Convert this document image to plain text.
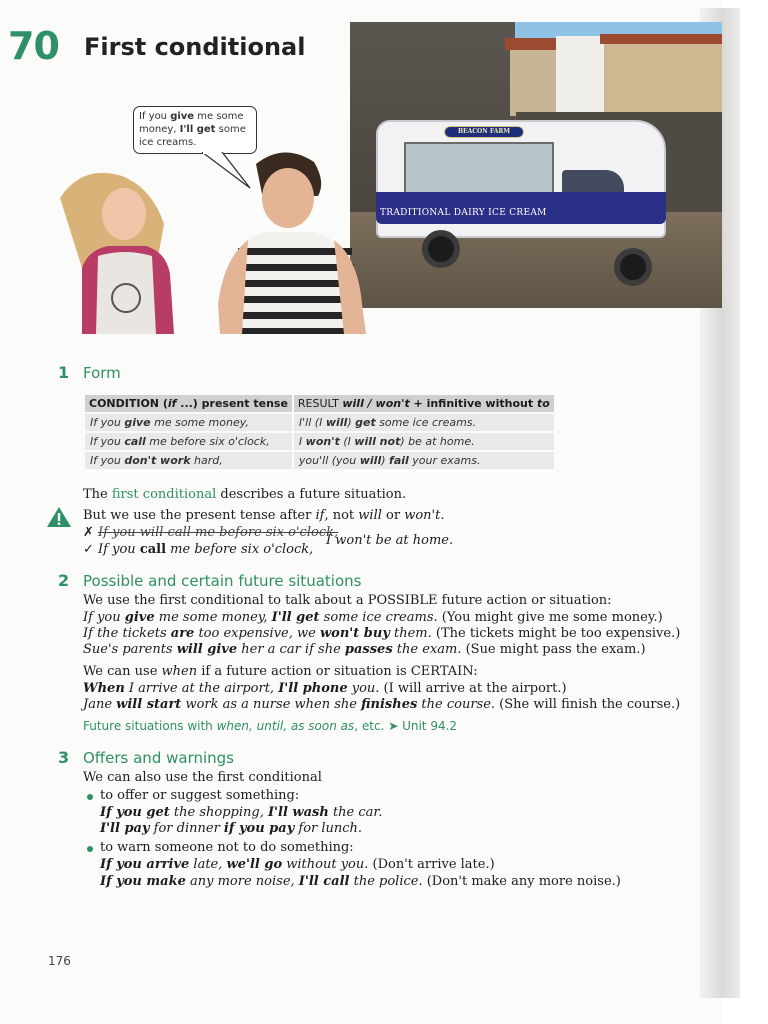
70 First conditional
BEACON FARM
TRADITIONAL DAIRY ICE CREAM
If you give me some money, I'll get some ice creams.
1 Form
CONDITION (if ...) present tense	RESULT will / won't + infinitive without to
If you give me some money,	I'll (I will) get some ice creams.
If you call me before six o'clock,	I won't (I will not) be at home.
If you don't work hard,	you'll (you will) fail your exams.
The first conditional describes a future situation.
But we use the present tense after if, not will or won't.
✗ If you will call me before six o'clock,
✓ If you call me before six o'clock,
I won't be at home.
2 Possible and certain future situations
We use the first conditional to talk about a POSSIBLE future action or situation:
If you give me some money, I'll get some ice creams. (You might give me some money.)
If the tickets are too expensive, we won't buy them. (The tickets might be too expensive.)
Sue's parents will give her a car if she passes the exam. (Sue might pass the exam.)
We can use when if a future action or situation is CERTAIN:
When I arrive at the airport, I'll phone you. (I will arrive at the airport.)
Jane will start work as a nurse when she finishes the course. (She will finish the course.)
Future situations with when, until, as soon as, etc. ➤ Unit 94.2
3 Offers and warnings
We can also use the first conditional
to offer or suggest something:
If you get the shopping, I'll wash the car.
I'll pay for dinner if you pay for lunch.
to warn someone not to do something:
If you arrive late, we'll go without you. (Don't arrive late.)
If you make any more noise, I'll call the police. (Don't make any more noise.)
176
